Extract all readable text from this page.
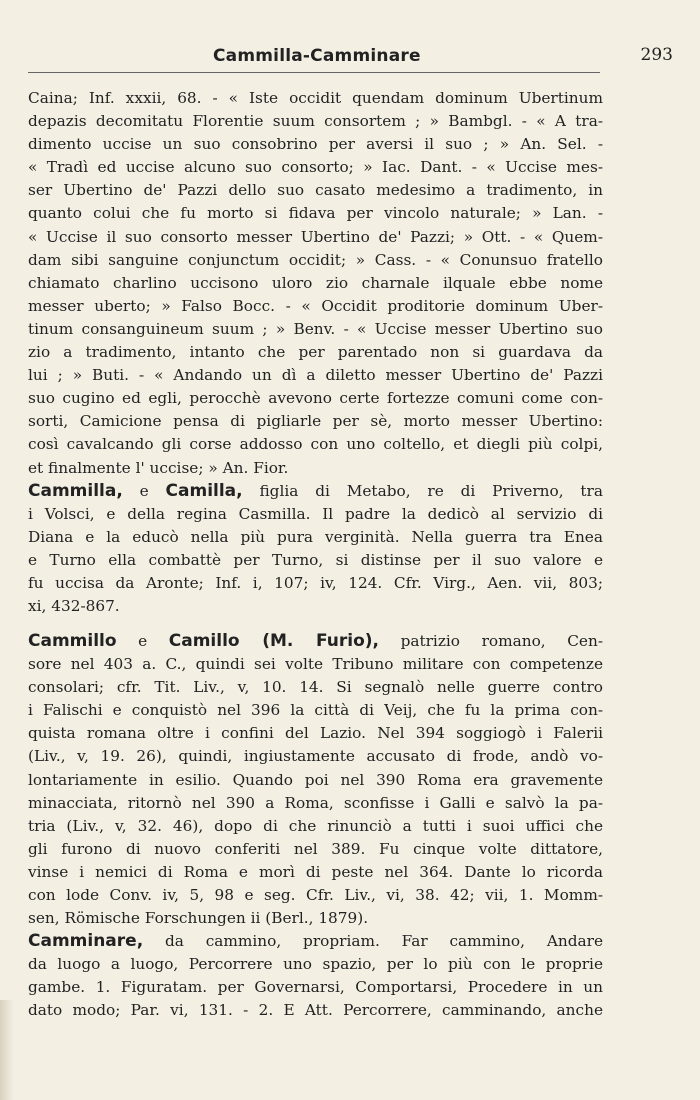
Cammilla-Camminare	293
Caina; Inf. xxxii, 68. - « Iste occidit quendam dominum Ubertinum
depazis decomitatu Florentie suum consortem ; » Bambgl. - « A tra-
dimento uccise un suo consobrino per aversi il suo ; » An. Sel. -
« Tradì ed uccise alcuno suo consorto; » Iac. Dant. - « Uccise mes-
ser Ubertino de' Pazzi dello suo casato medesimo a tradimento, in
quanto colui che fu morto si fidava per vincolo naturale; » Lan. -
« Uccise il suo consorto messer Ubertino de' Pazzi; » Ott. - « Quem-
dam sibi sanguine conjunctum occidit; » Cass. - « Conunsuo fratello
chiamato charlino uccisono uloro zio charnale ilquale ebbe nome
messer uberto; » Falso Bocc. - « Occidit proditorie dominum Uber-
tinum consanguineum suum ; » Benv. - « Uccise messer Ubertino suo
zio a tradimento, intanto che per parentado non si guardava da
lui ; » Buti. - « Andando un dì a diletto messer Ubertino de' Pazzi
suo cugino ed egli, perocchè avevono certe fortezze comuni come con-
sorti, Camicione pensa di pigliarle per sè, morto messer Ubertino:
così cavalcando gli corse addosso con uno coltello, et diegli più colpi,
et finalmente l' uccise; » An. Fior.
Cammilla, e Camilla, figlia di Metabo, re di Priverno, tra
i Volsci, e della regina Casmilla. Il padre la dedicò al servizio di
Diana e la educò nella più pura verginità. Nella guerra tra Enea
e Turno ella combattè per Turno, si distinse per il suo valore e
fu uccisa da Aronte; Inf. i, 107; iv, 124. Cfr. Virg., Aen. vii, 803;
xi, 432-867.
Cammillo e Camillo (M. Furio), patrizio romano, Cen-
sore nel 403 a. C., quindi sei volte Tribuno militare con competenze
consolari; cfr. Tit. Liv., v, 10. 14. Si segnalò nelle guerre contro
i Falischi e conquistò nel 396 la città di Veij, che fu la prima con-
quista romana oltre i confini del Lazio. Nel 394 soggiogò i Falerii
(Liv., v, 19. 26), quindi, ingiustamente accusato di frode, andò vo-
lontariamente in esilio. Quando poi nel 390 Roma era gravemente
minacciata, ritornò nel 390 a Roma, sconfisse i Galli e salvò la pa-
tria (Liv., v, 32. 46), dopo di che rinunciò a tutti i suoi uffici che
gli furono di nuovo conferiti nel 389. Fu cinque volte dittatore,
vinse i nemici di Roma e morì di peste nel 364. Dante lo ricorda
con lode Conv. iv, 5, 98 e seg. Cfr. Liv., vi, 38. 42; vii, 1. Momm-
sen, Römische Forschungen ii (Berl., 1879).
Camminare, da cammino, propriam. Far cammino, Andare
da luogo a luogo, Percorrere uno spazio, per lo più con le proprie
gambe. 1. Figuratam. per Governarsi, Comportarsi, Procedere in un
dato modo; Par. vi, 131. - 2. E Att. Percorrere, camminando, anche
